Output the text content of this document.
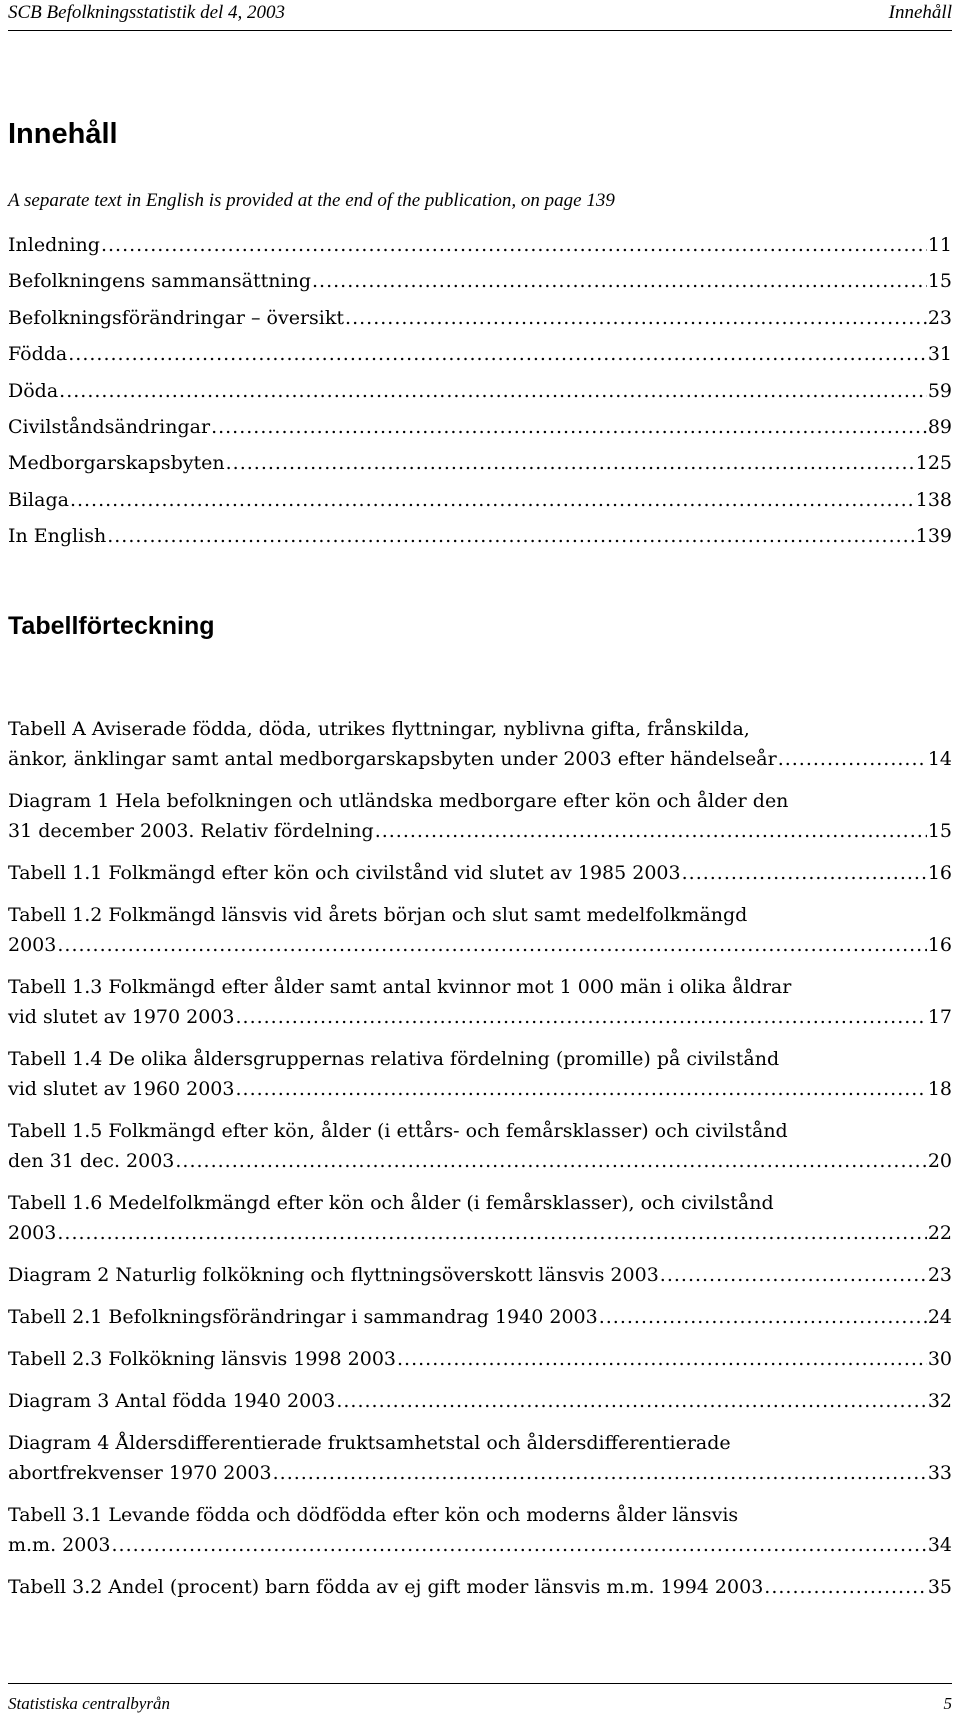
SCB Befolkningsstatistik del 4, 2003	Innehåll
Innehåll
A separate text in English is provided at the end of the publication, on page 139
Inledning .....	11
Befolkningens sammansättning .....	15
Befolkningsförändringar – översikt .....	23
Födda .....	31
Döda .....	59
Civilståndsändringar .....	89
Medborgarskapsbyten .....	125
Bilaga .....	138
In English .....	139
Tabellförteckning
Tabell A Aviserade födda, döda, utrikes flyttningar, nyblivna gifta, frånskilda,
änkor, änklingar samt antal medborgarskapsbyten under 2003 efter händelseår .....	14
Diagram 1 Hela befolkningen och utländska medborgare efter kön och ålder den
31 december 2003. Relativ fördelning .....	15
Tabell 1.1 Folkmängd efter kön och civilstånd vid slutet av 1985 2003 .....	16
Tabell 1.2 Folkmängd länsvis vid årets början och slut samt medelfolkmängd
2003 .....	16
Tabell 1.3 Folkmängd efter ålder samt antal kvinnor mot 1 000 män i olika åldrar
vid slutet av 1970 2003 .....	17
Tabell 1.4 De olika åldersgruppernas relativa fördelning (promille) på civilstånd
vid slutet av 1960 2003 .....	18
Tabell 1.5 Folkmängd efter kön, ålder (i ettårs- och femårsklasser) och civilstånd
den 31 dec. 2003 .....	20
Tabell 1.6 Medelfolkmängd efter kön och ålder (i femårsklasser), och civilstånd
2003 .....	22
Diagram 2 Naturlig folkökning och flyttningsöverskott länsvis 2003 .....	23
Tabell 2.1 Befolkningsförändringar i sammandrag 1940 2003 .....	24
Tabell 2.3 Folkökning länsvis 1998 2003 .....	30
Diagram 3 Antal födda 1940 2003 .....	32
Diagram 4 Åldersdifferentierade fruktsamhetstal och åldersdifferentierade
abortfrekvenser 1970 2003 .....	33
Tabell 3.1 Levande födda och dödfödda efter kön och moderns ålder länsvis
m.m. 2003 .....	34
Tabell 3.2 Andel (procent) barn födda av ej gift moder länsvis m.m. 1994 2003 .....	35
Statistiska centralbyrån	5
